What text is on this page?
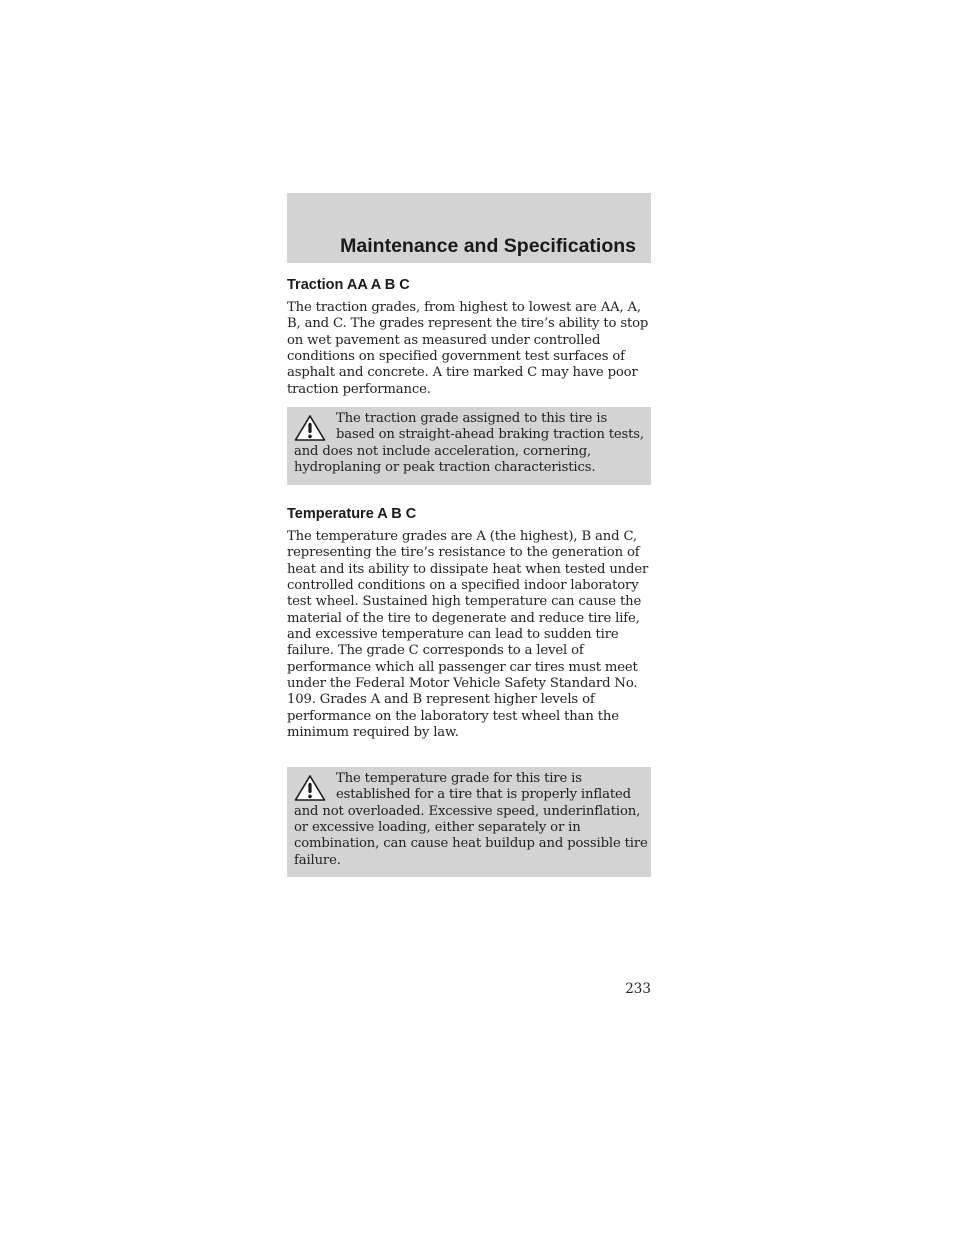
Maintenance and Specifications
Traction AA A B C

The traction grades, from highest to lowest are AA, A, B, and C. The grades represent the tire’s ability to stop on wet pavement as measured under controlled conditions on specified government test surfaces of asphalt and concrete. A tire marked C may have poor traction performance.

The traction grade assigned to this tire is based on straight-ahead braking traction tests, and does not include acceleration, cornering, hydroplaning or peak traction characteristics.

Temperature A B C

The temperature grades are A (the highest), B and C, representing the tire’s resistance to the generation of heat and its ability to dissipate heat when tested under controlled conditions on a specified indoor laboratory test wheel. Sustained high temperature can cause the material of the tire to degenerate and reduce tire life, and excessive temperature can lead to sudden tire failure. The grade C corresponds to a level of performance which all passenger car tires must meet under the Federal Motor Vehicle Safety Standard No. 109. Grades A and B represent higher levels of performance on the laboratory test wheel than the minimum required by law.

The temperature grade for this tire is established for a tire that is properly inflated and not overloaded. Excessive speed, underinflation, or excessive loading, either separately or in combination, can cause heat buildup and possible tire failure.

233
